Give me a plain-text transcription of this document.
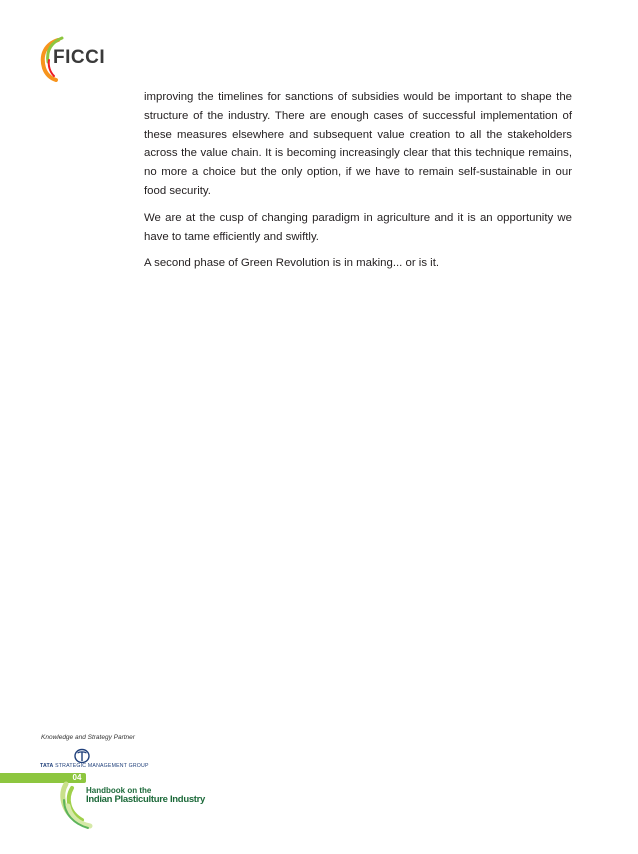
FICCI

improving the timelines for sanctions of subsidies would be important to shape the structure of the industry. There are enough cases of successful implementation of these measures elsewhere and subsequent value creation to all the stakeholders across the value chain. It is becoming increasingly clear that this technique remains, no more a choice but the only option, if we have to remain self-sustainable in our food security.

We are at the cusp of changing paradigm in agriculture and it is an opportunity we have to tame efficiently and swiftly.

A second phase of Green Revolution is in making... or is it.

Knowledge and Strategy Partner
TATA STRATEGIC MANAGEMENT GROUP
04
Handbook on the
Indian Plasticulture Industry
